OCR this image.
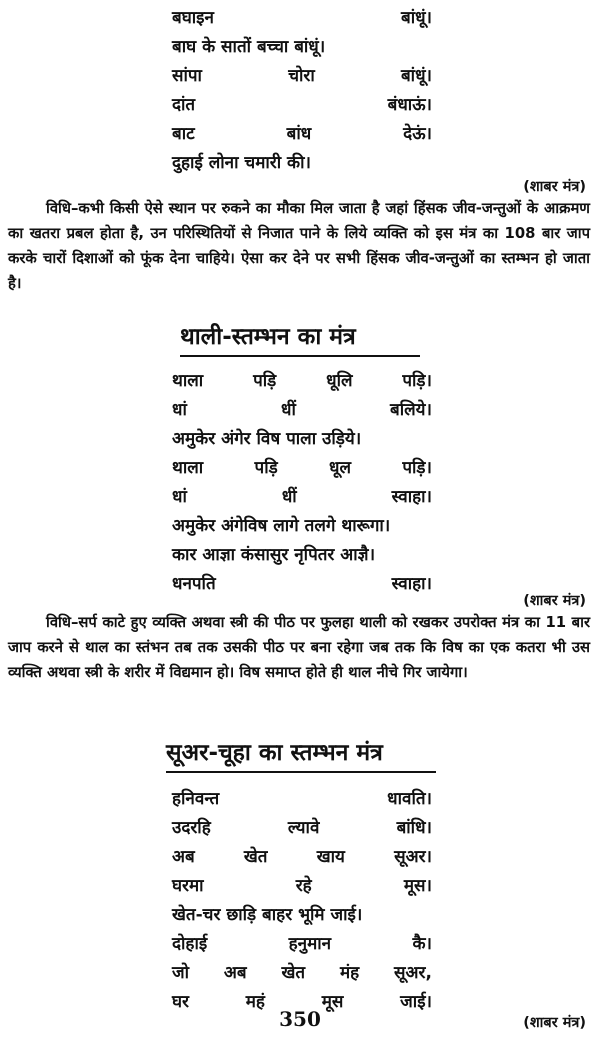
बघाइन	बांधूं।
बाघ के सातों बच्चा बांधूं।
सांपा	चोरा	बांधूं।
दांत	बंधाऊं।
बाट	बांध	देऊं।
दुहाई लोना चमारी की।
(शाबर मंत्र)
विधि–कभी किसी ऐसे स्थान पर रुकने का मौका मिल जाता है जहां हिंसक जीव-जन्तुओं के आक्रमण का खतरा प्रबल होता है, उन परिस्थितियों से निजात पाने के लिये व्यक्ति को इस मंत्र का 108 बार जाप करके चारों दिशाओं को फूंक देना चाहिये। ऐसा कर देने पर सभी हिंसक जीव-जन्तुओं का स्तम्भन हो जाता है।
थाली-स्तम्भन का मंत्र
थाला	पड़ि	धूलि	पड़ि।
धां	धीं	बलिये।
अमुकेर अंगेर विष पाला उड़िये।
थाला	पड़ि	धूल	पड़ि।
धां	धीं	स्वाहा।
अमुकेर अंगेविष लागे तलगे थारूगा।
कार आज्ञा कंसासुर नृपितर आज्ञै।
धनपति	स्वाहा।
(शाबर मंत्र)
विधि–सर्प काटे हुए व्यक्ति अथवा स्त्री की पीठ पर फुलहा थाली को रखकर उपरोक्त मंत्र का 11 बार जाप करने से थाल का स्तंभन तब तक उसकी पीठ पर बना रहेगा जब तक कि विष का एक कतरा भी उस व्यक्ति अथवा स्त्री के शरीर में विद्यमान हो। विष समाप्त होते ही थाल नीचे गिर जायेगा।
सूअर-चूहा का स्तम्भन मंत्र
हनिवन्त	धावति।
उदरहि	ल्यावे	बांधि।
अब	खेत	खाय	सूअर।
घरमा	रहे	मूस।
खेत-चर छाड़ि बाहर भूमि जाई।
दोहाई	हनुमान	कै।
जो अब खेत मंह सूअर,
घर	महं	मूस	जाई।
350	(शाबर मंत्र)
